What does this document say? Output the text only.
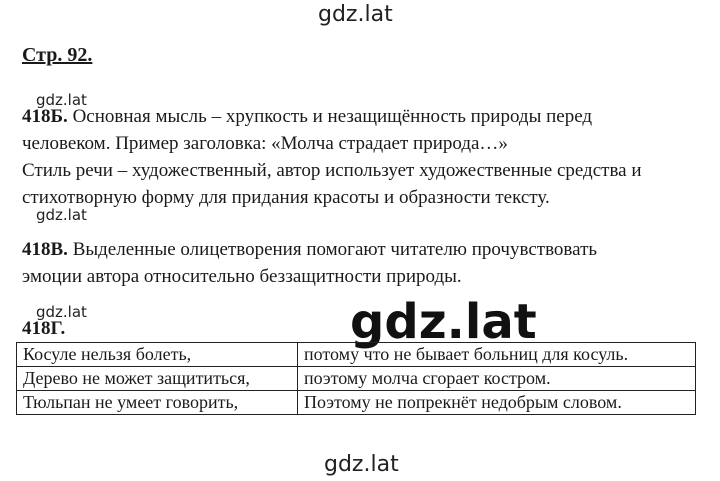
gdz.lat
Стр. 92.
gdz.lat
418Б. Основная мысль – хрупкость и незащищённость природы перед
человеком. Пример заголовка: «Молча страдает природа…»
Стиль речи – художественный, автор использует художественные средства и
стихотворную форму для придания красоты и образности тексту.
gdz.lat
418В. Выделенные олицетворения помогают читателю прочувствовать
эмоции автора относительно беззащитности природы.
gdz.lat	gdz.lat
418Г.
Косуле нельзя болеть,	потому что не бывает больниц для косуль.
Дерево не может защититься,	поэтому молча сгорает костром.
Тюльпан не умеет говорить,	Поэтому не попрекнёт недобрым словом.
gdz.lat
